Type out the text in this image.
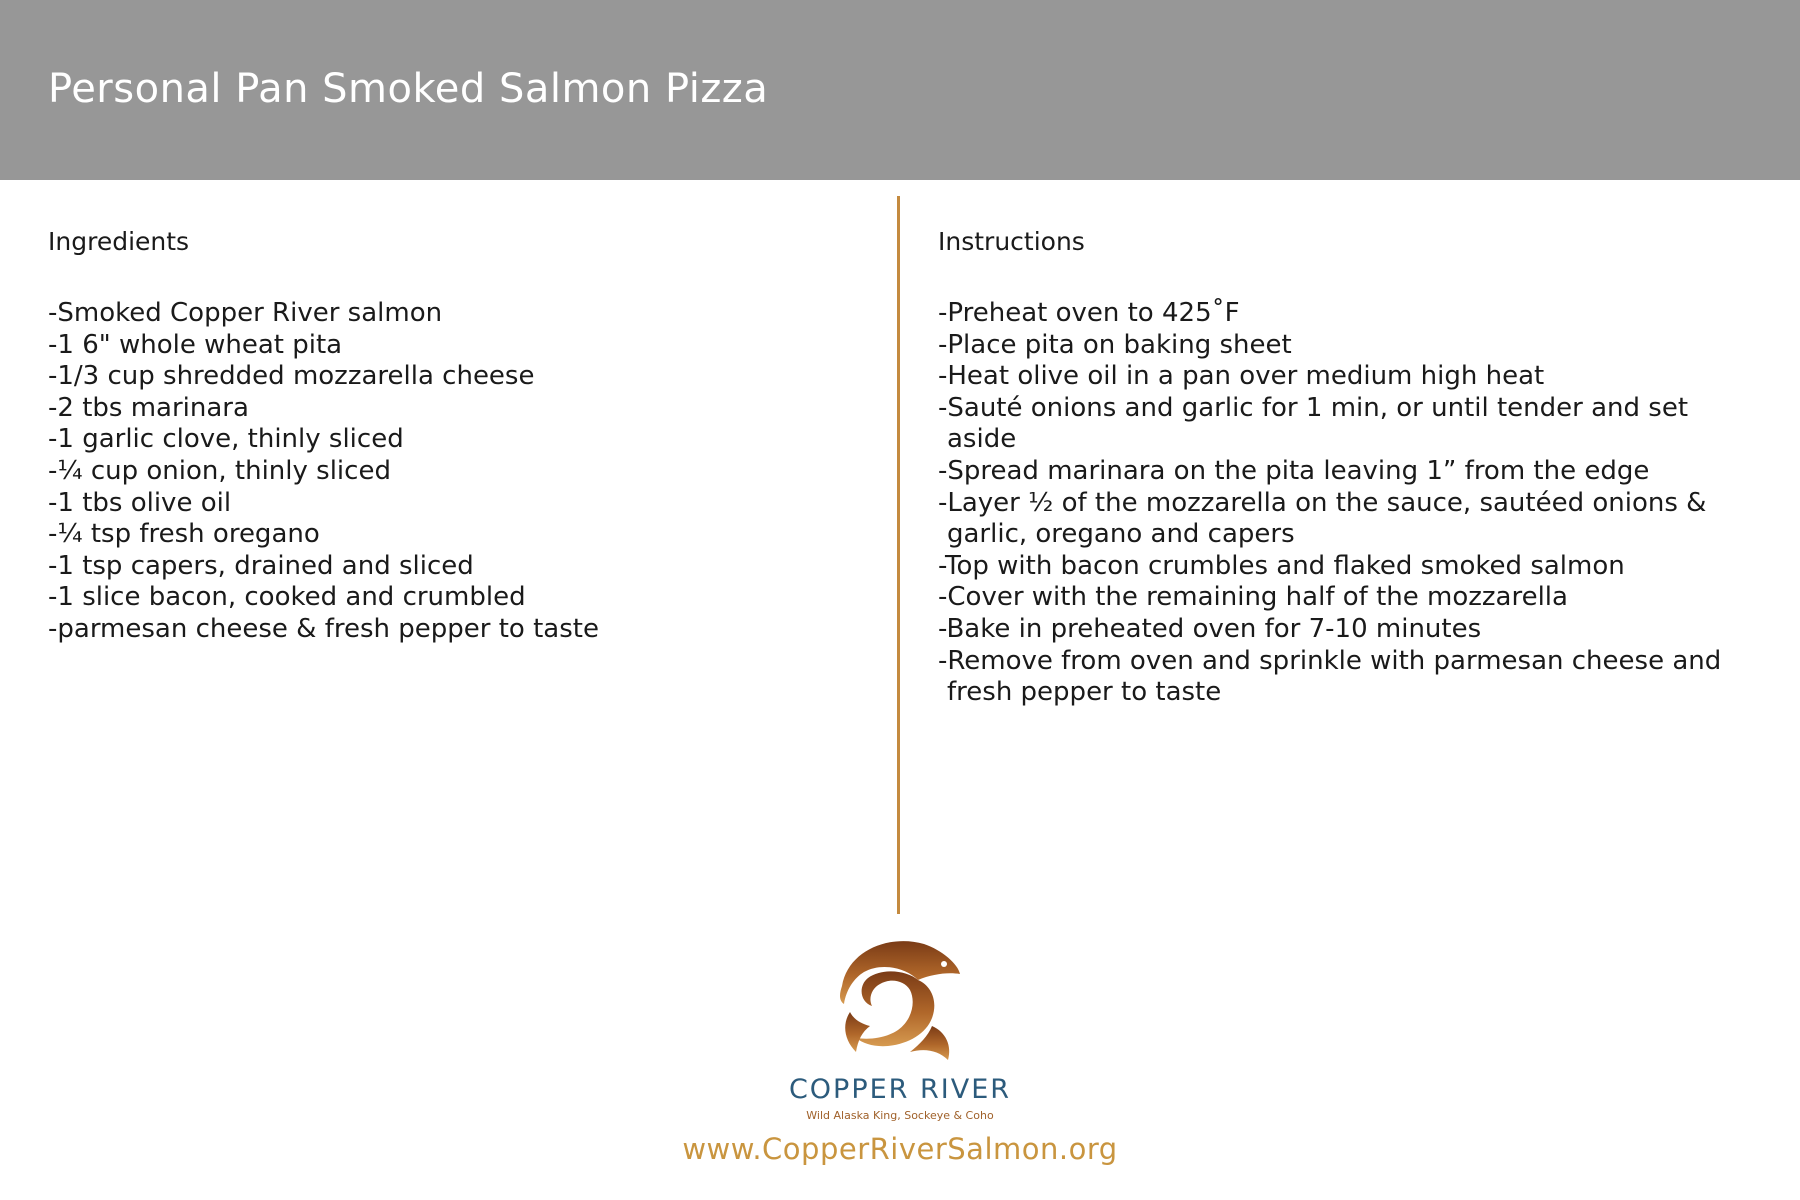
Personal Pan Smoked Salmon Pizza
Ingredients
-Smoked Copper River salmon
-1 6" whole wheat pita
-1/3 cup shredded mozzarella cheese
-2 tbs marinara
-1 garlic clove, thinly sliced
-¼ cup onion, thinly sliced
-1 tbs olive oil
-¼ tsp fresh oregano
-1 tsp capers, drained and sliced
-1 slice bacon, cooked and crumbled
-parmesan cheese & fresh pepper to taste
Instructions
-Preheat oven to 425˚F
-Place pita on baking sheet
-Heat olive oil in a pan over medium high heat
-Sauté onions and garlic for 1 min, or until tender and set aside
-Spread marinara on the pita leaving 1” from the edge
-Layer ½ of the mozzarella on the sauce, sautéed onions & garlic, oregano and capers
-Top with bacon crumbles and flaked smoked salmon
-Cover with the remaining half of the mozzarella
-Bake in preheated oven for 7-10 minutes
-Remove from oven and sprinkle with parmesan cheese and fresh pepper to taste
COPPER RIVER
Wild Alaska King, Sockeye & Coho
www.CopperRiverSalmon.org
